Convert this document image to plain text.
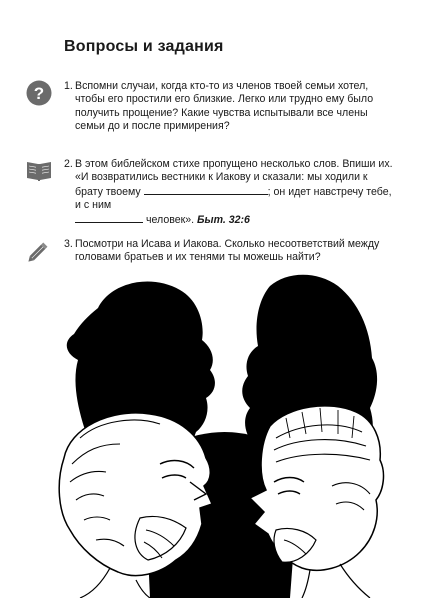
Вопросы и задания
? 1. Вспомни случаи, когда кто-то из членов твоей семьи хотел, чтобы его простили его близкие. Легко или трудно ему было получить прощение? Какие чувства испытывали все члены семьи до и после примирения?
2. В этом библейском стихе пропущено несколько слов. Впиши их.
«И возвратились вестники к Иакову и сказали: мы ходили к брату твоему	; он идет навстречу тебе, и с ним
человек». Быт. 32:6
3. Посмотри на Исава и Иакова. Сколько несоответствий между головами братьев и их тенями ты можешь найти?
